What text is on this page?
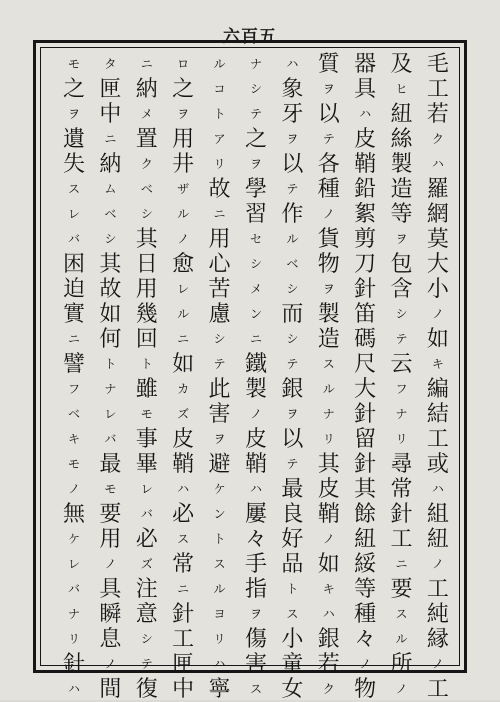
六百五
毛
工
若
ク
ハ
羅
網
莫
大
小
ノ
如
キ
編
結
工
或
ハ
組
紐
ノ
工
純
縁
ノ
工
及
ヒ
紐
絲
製
造
等
ヲ
包
含
シ
テ
云
フ
ナ
リ
尋
常
針
工
ニ
要
ス
ル
所
ノ
器
具
ハ
皮
鞘
鉛
絮
剪
刀
針
笛
碼
尺
大
針
留
針
其
餘
紐
綏
等
種
々
ノ
物
質
ヲ
以
テ
各
種
ノ
貨
物
ヲ
製
造
ス
ル
ナ
リ
其
皮
鞘
ノ
如
キ
ハ
銀
若
ク
ハ
象
牙
ヲ
以
テ
作
ル
ベ
シ
而
シ
テ
銀
ヲ
以
テ
最
良
好
品
ト
ス
小
童
女
ナ
シ
テ
之
ヲ
學
習
セ
シ
メ
ン
ニ
鐵
製
ノ
皮
鞘
ハ
屢
々
手
指
ヲ
傷
害
ス
ル
コ
ト
ア
リ
故
ニ
用
心
苦
慮
シ
テ
此
害
ヲ
避
ケ
ン
ト
ス
ル
ヨ
リ
ハ
寧
ロ
之
ヲ
用
井
ザ
ル
ノ
愈
レ
ル
ニ
如
カ
ズ
皮
鞘
ハ
必
ス
常
ニ
針
工
匣
中
ニ
納
メ
置
ク
ベ
シ
其
日
用
幾
回
ト
雖
モ
事
畢
レ
バ
必
ズ
注
意
シ
テ
復
タ
匣
中
ニ
納
ム
ベ
シ
其
故
如
何
ト
ナ
レ
バ
最
モ
要
用
ノ
具
瞬
息
ノ
間
モ
之
ヲ
遺
失
ス
レ
バ
困
迫
實
ニ
譬
フ
ベ
キ
モ
ノ
無
ケ
レ
バ
ナ
リ
針
ハ
